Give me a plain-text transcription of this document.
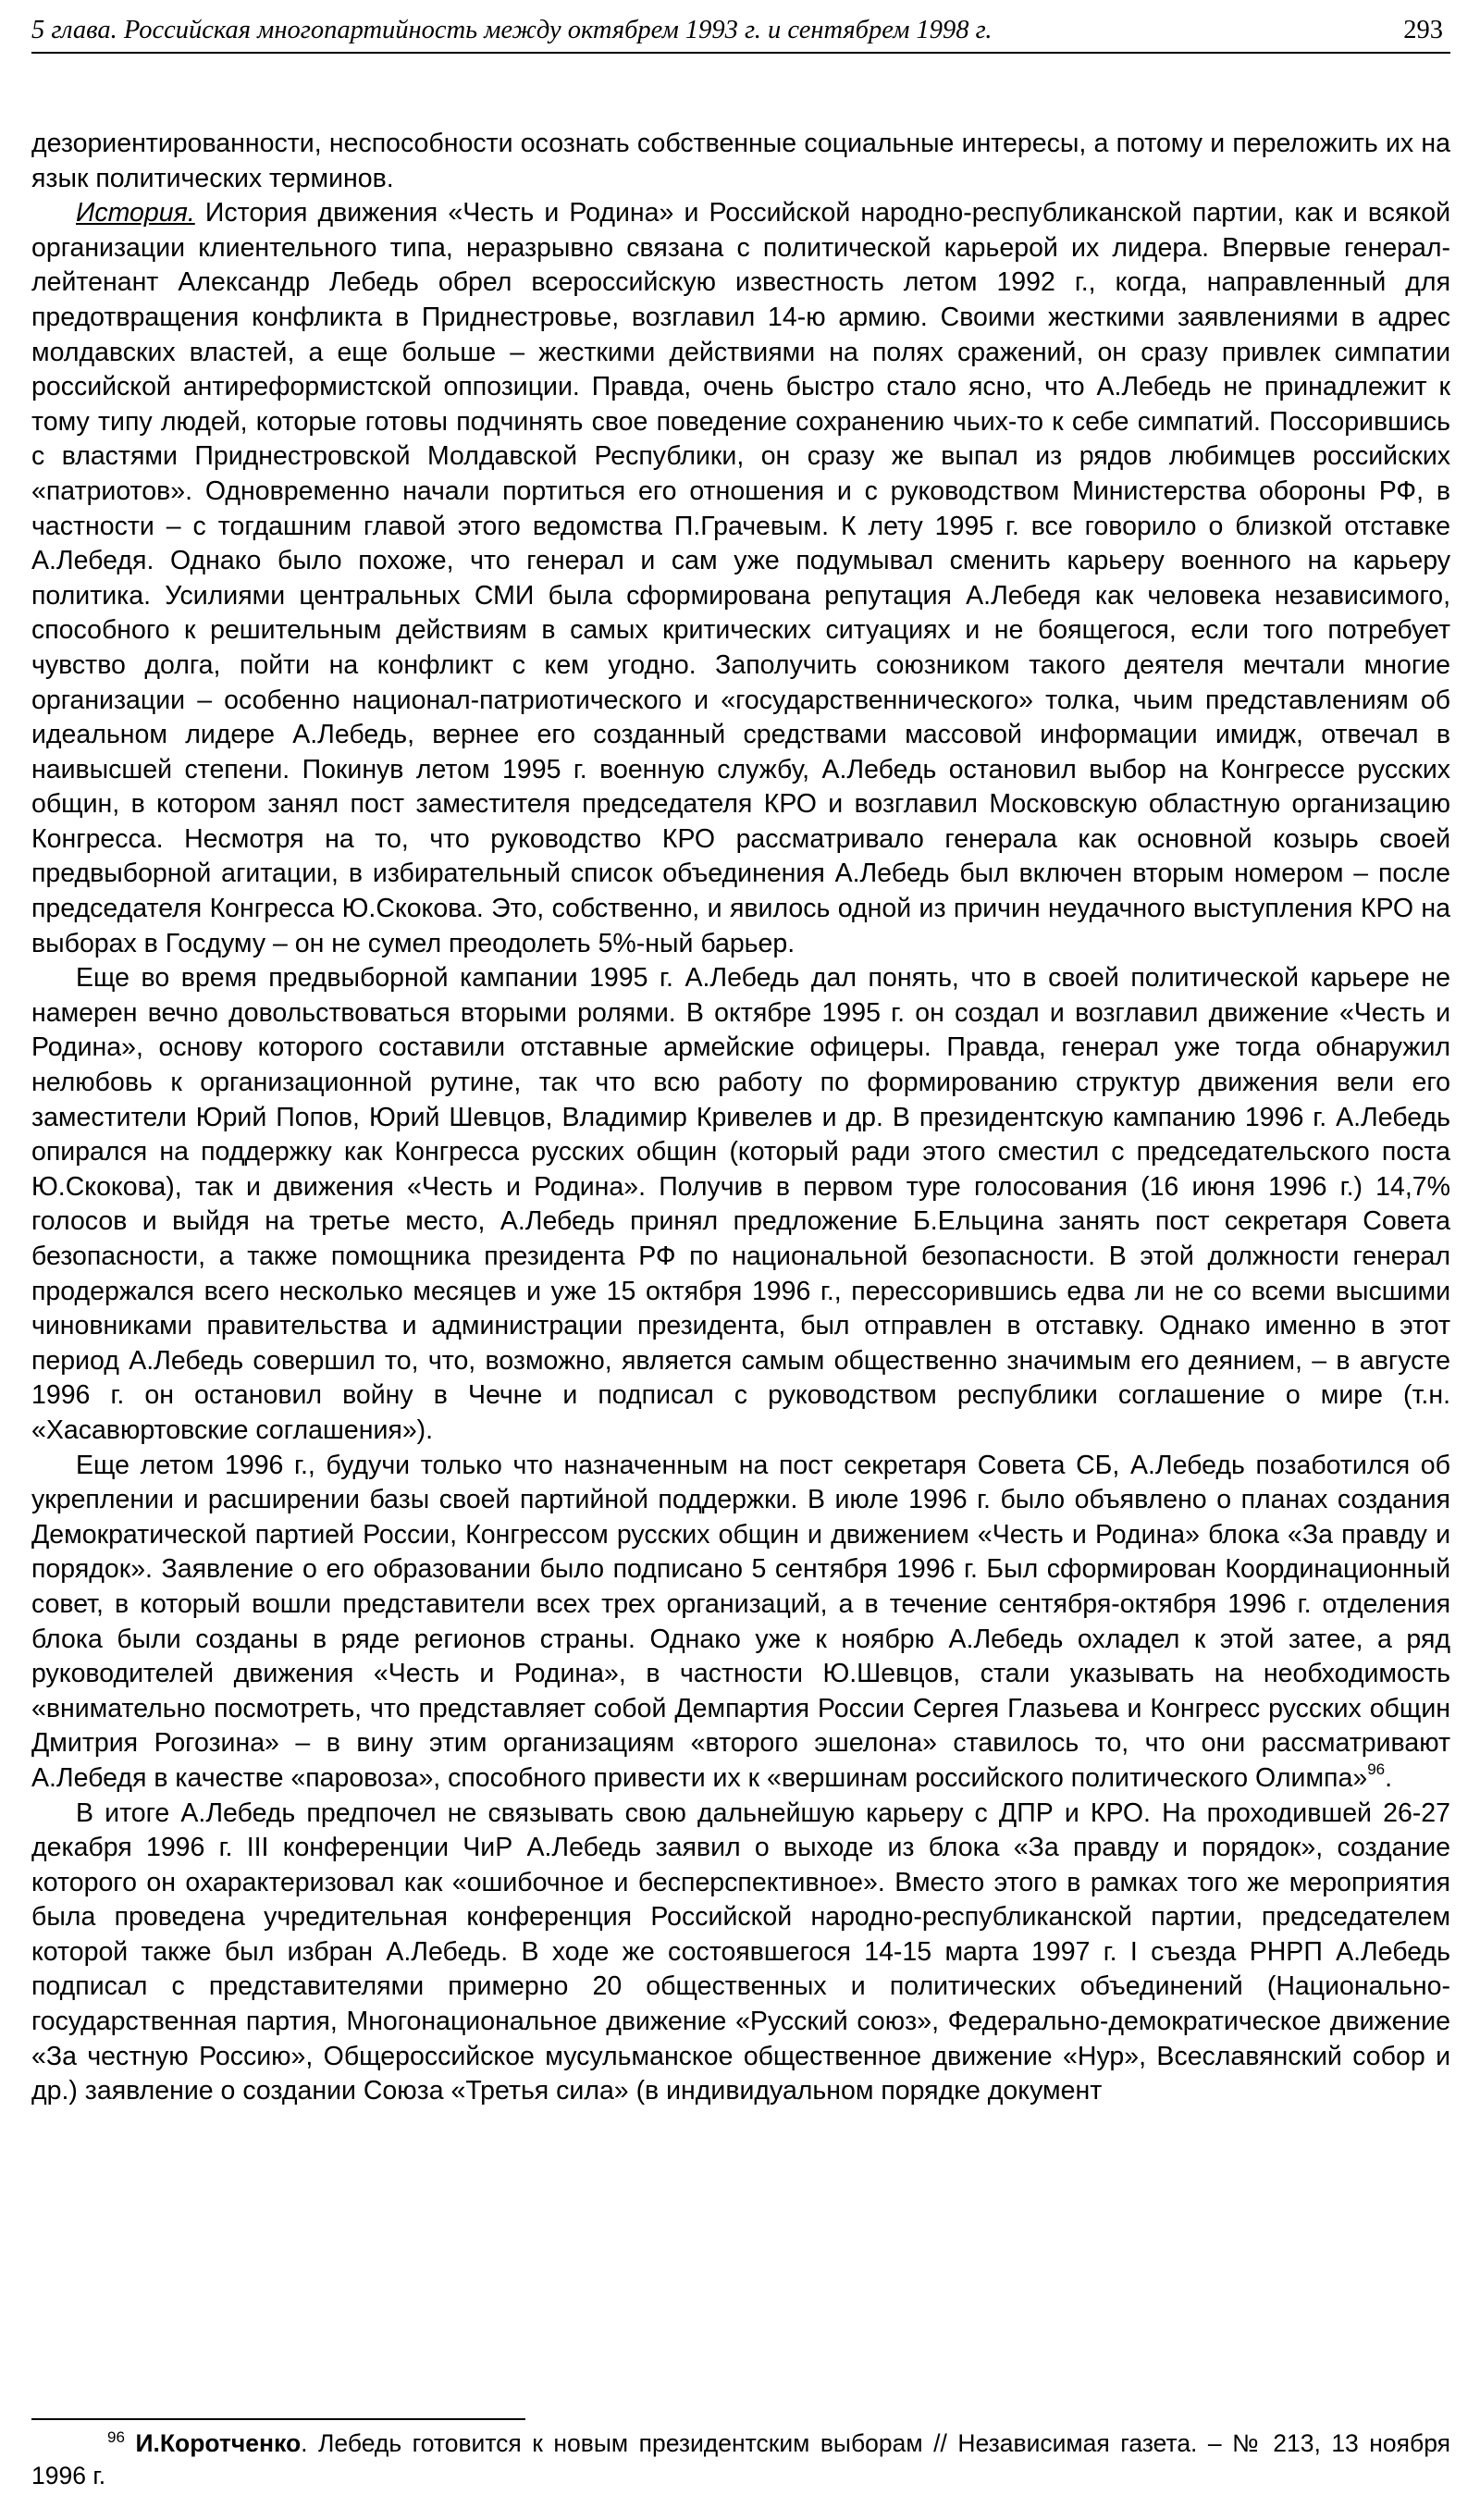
5 глава. Российская многопартийность между октябрем 1993 г. и сентябрем 1998 г.	293

дезориентированности, неспособности осознать собственные социальные интересы, а потому и переложить их на язык политических терминов.

История. История движения «Честь и Родина» и Российской народно-республиканской партии, как и всякой организации клиентельного типа, неразрывно связана с политической карьерой их лидера. Впервые генерал-лейтенант Александр Лебедь обрел всероссийскую известность летом 1992 г., когда, направленный для предотвращения конфликта в Приднестровье, возглавил 14-ю армию. Своими жесткими заявлениями в адрес молдавских властей, а еще больше – жесткими действиями на полях сражений, он сразу привлек симпатии российской антиреформистской оппозиции. Правда, очень быстро стало ясно, что А.Лебедь не принадлежит к тому типу людей, которые готовы подчинять свое поведение сохранению чьих-то к себе симпатий. Поссорившись с властями Приднестровской Молдавской Республики, он сразу же выпал из рядов любимцев российских «патриотов». Одновременно начали портиться его отношения и с руководством Министерства обороны РФ, в частности – с тогдашним главой этого ведомства П.Грачевым. К лету 1995 г. все говорило о близкой отставке А.Лебедя. Однако было похоже, что генерал и сам уже подумывал сменить карьеру военного на карьеру политика. Усилиями центральных СМИ была сформирована репутация А.Лебедя как человека независимого, способного к решительным действиям в самых критических ситуациях и не боящегося, если того потребует чувство долга, пойти на конфликт с кем угодно. Заполучить союзником такого деятеля мечтали многие организации – особенно национал-патриотического и «государственнического» толка, чьим представлениям об идеальном лидере А.Лебедь, вернее его созданный средствами массовой информации имидж, отвечал в наивысшей степени. Покинув летом 1995 г. военную службу, А.Лебедь остановил выбор на Конгрессе русских общин, в котором занял пост заместителя председателя КРО и возглавил Московскую областную организацию Конгресса. Несмотря на то, что руководство КРО рассматривало генерала как основной козырь своей предвыборной агитации, в избирательный список объединения А.Лебедь был включен вторым номером – после председателя Конгресса Ю.Скокова. Это, собственно, и явилось одной из причин неудачного выступления КРО на выборах в Госдуму – он не сумел преодолеть 5%-ный барьер.

Еще во время предвыборной кампании 1995 г. А.Лебедь дал понять, что в своей политической карьере не намерен вечно довольствоваться вторыми ролями. В октябре 1995 г. он создал и возглавил движение «Честь и Родина», основу которого составили отставные армейские офицеры. Правда, генерал уже тогда обнаружил нелюбовь к организационной рутине, так что всю работу по формированию структур движения вели его заместители Юрий Попов, Юрий Шевцов, Владимир Кривелев и др. В президентскую кампанию 1996 г. А.Лебедь опирался на поддержку как Конгресса русских общин (который ради этого сместил с председательского поста Ю.Скокова), так и движения «Честь и Родина». Получив в первом туре голосования (16 июня 1996 г.) 14,7% голосов и выйдя на третье место, А.Лебедь принял предложение Б.Ельцина занять пост секретаря Совета безопасности, а также помощника президента РФ по национальной безопасности. В этой должности генерал продержался всего несколько месяцев и уже 15 октября 1996 г., перессорившись едва ли не со всеми высшими чиновниками правительства и администрации президента, был отправлен в отставку. Однако именно в этот период А.Лебедь совершил то, что, возможно, является самым общественно значимым его деянием, – в августе 1996 г. он остановил войну в Чечне и подписал с руководством республики соглашение о мире (т.н. «Хасавюртовские соглашения»).

Еще летом 1996 г., будучи только что назначенным на пост секретаря Совета СБ, А.Лебедь позаботился об укреплении и расширении базы своей партийной поддержки. В июле 1996 г. было объявлено о планах создания Демократической партией России, Конгрессом русских общин и движением «Честь и Родина» блока «За правду и порядок». Заявление о его образовании было подписано 5 сентября 1996 г. Был сформирован Координационный совет, в который вошли представители всех трех организаций, а в течение сентября-октября 1996 г. отделения блока были созданы в ряде регионов страны. Однако уже к ноябрю А.Лебедь охладел к этой затее, а ряд руководителей движения «Честь и Родина», в частности Ю.Шевцов, стали указывать на необходимость «внимательно посмотреть, что представляет собой Демпартия России Сергея Глазьева и Конгресс русских общин Дмитрия Рогозина» – в вину этим организациям «второго эшелона» ставилось то, что они рассматривают А.Лебедя в качестве «паровоза», способного привести их к «вершинам российского политического Олимпа»$^{96}$.

В итоге А.Лебедь предпочел не связывать свою дальнейшую карьеру с ДПР и КРО. На проходившей 26-27 декабря 1996 г. III конференции ЧиР А.Лебедь заявил о выходе из блока «За правду и порядок», создание которого он охарактеризовал как «ошибочное и бесперспективное». Вместо этого в рамках того же мероприятия была проведена учредительная конференция Российской народно-республиканской партии, председателем которой также был избран А.Лебедь. В ходе же состоявшегося 14-15 марта 1997 г. I съезда РНРП А.Лебедь подписал с представителями примерно 20 общественных и политических объединений (Национально-государственная партия, Многонациональное движение «Русский союз», Федерально-демократическое движение «За честную Россию», Общероссийское мусульманское общественное движение «Нур», Всеславянский собор и др.) заявление о создании Союза «Третья сила» (в индивидуальном порядке документ

$^{96}$ И.Коротченко. Лебедь готовится к новым президентским выборам // Независимая газета. – № 213, 13 ноября 1996 г.
